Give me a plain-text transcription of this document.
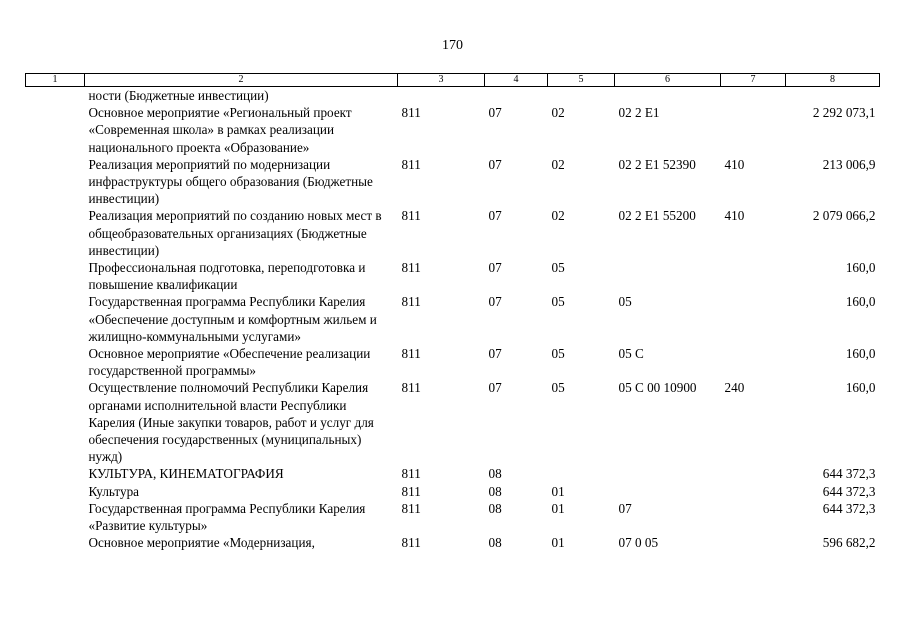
170
1	2	3	4	5	6	7	8
	ности (Бюджетные инвестиции)						
	Основное мероприятие «Региональный проект «Современная школа» в рамках реализации национального проекта «Образование»	811	07	02	02 2 E1		2 292 073,1
	Реализация мероприятий по модернизации инфраструктуры общего образования (Бюджетные инвестиции)	811	07	02	02 2 E1 52390	410	213 006,9
	Реализация мероприятий по созданию новых мест в общеобразовательных организациях (Бюджетные инвестиции)	811	07	02	02 2 E1 55200	410	2 079 066,2
	Профессиональная подготовка, переподготовка и повышение квалификации	811	07	05			160,0
	Государственная программа Республики Карелия «Обеспечение доступным и комфортным жильем и жилищно-коммунальными услугами»	811	07	05	05		160,0
	Основное мероприятие «Обеспечение реализации государственной программы»	811	07	05	05 С		160,0
	Осуществление полномочий Республики Карелия органами исполнительной власти Республики Карелия (Иные закупки товаров, работ и услуг для обеспечения государственных (муниципальных) нужд)	811	07	05	05 С 00 10900	240	160,0
	КУЛЬТУРА, КИНЕМАТОГРАФИЯ	811	08				644 372,3
	Культура	811	08	01			644 372,3
	Государственная программа Республики Карелия «Развитие культуры»	811	08	01	07		644 372,3
	Основное мероприятие «Модернизация,	811	08	01	07 0 05		596 682,2
